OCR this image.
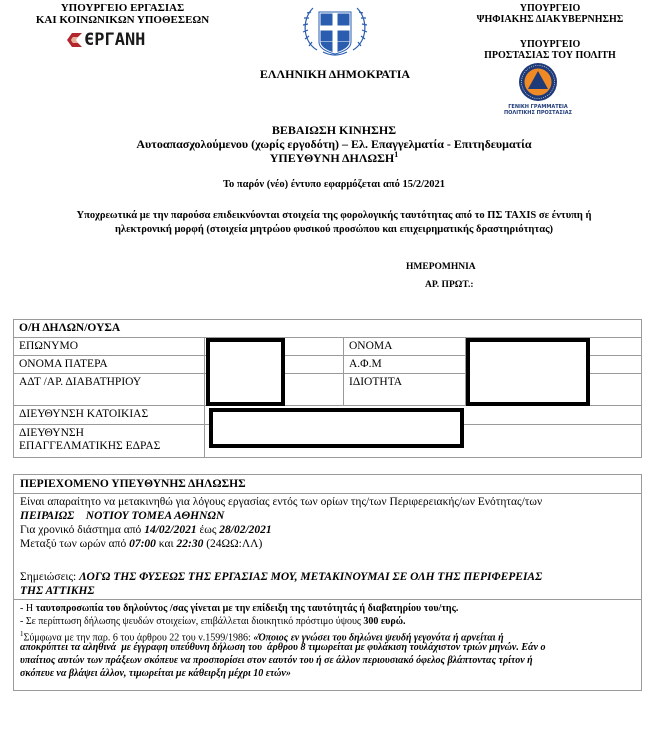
ΥΠΟΥΡΓΕΙΟ ΕΡΓΑΣΙΑΣ
ΚΑΙ ΚΟΙΝΩΝΙΚΩΝ ΥΠΟΘΕΣΕΩΝ
ЄΡΓΑΝΗ
ΕΛΛΗΝΙΚΗ ΔΗΜΟΚΡΑΤΙΑ
ΥΠΟΥΡΓΕΙΟ
ΨΗΦΙΑΚΗΣ ΔΙΑΚΥΒΕΡΝΗΣΗΣ
ΥΠΟΥΡΓΕΙΟ
ΠΡΟΣΤΑΣΙΑΣ ΤΟΥ ΠΟΛΙΤΗ
ΓΕΝΙΚΗ ΓΡΑΜΜΑΤΕΙΑ
ΠΟΛΙΤΙΚΗΣ ΠΡΟΣΤΑΣΙΑΣ
ΒΕΒΑΙΩΣΗ ΚΙΝΗΣΗΣ
Αυτοαπασχολούμενου (χωρίς εργοδότη) – Ελ. Επαγγελματία - Επιτηδευματία
ΥΠΕΥΘΥΝΗ ΔΗΛΩΣΗ$^1$
Το παρόν (νέο) έντυπο εφαρμόζεται από 15/2/2021
Υποχρεωτικά με την παρούσα επιδεικνύονται στοιχεία της φορολογικής ταυτότητας από το ΠΣ TAXIS σε έντυπη ή
ηλεκτρονική μορφή (στοιχεία μητρώου φυσικού προσώπου και επιχειρηματικής δραστηριότητας)
ΗΜΕΡΟΜΗΝΙΑ
ΑΡ. ΠΡΩΤ.:
Ο/Η ΔΗΛΩΝ/ΟΥΣΑ
ΕΠΩΝΥΜΟ
ΟΝΟΜΑ ΠΑΤΕΡΑ
ΑΔΤ /ΑΡ. ΔΙΑΒΑΤΗΡΙΟΥ
ΟΝΟΜΑ
Α.Φ.Μ
ΙΔΙΟΤΗΤΑ
ΔΙΕΥΘΥΝΣΗ ΚΑΤΟΙΚΙΑΣ
ΔΙΕΥΘΥΝΣΗ
ΕΠΑΓΓΕΛΜΑΤΙΚΗΣ ΕΔΡΑΣ
ΠΕΡΙΕΧΟΜΕΝΟ ΥΠΕΥΘΥΝΗΣ ΔΗΛΩΣΗΣ
Είναι απαραίτητο να μετακινηθώ για λόγους εργασίας εντός των ορίων της/των Περιφερειακής/ων Ενότητας/των
ΠΕΙΡΑΙΩΣ    ΝΟΤΙΟΥ ΤΟΜΕΑ ΑΘΗΝΩΝ
Για χρονικό διάστημα από 14/02/2021 έως 28/02/2021
Μεταξύ των ωρών από 07:00 και 22:30 (24ΩΩ:ΛΛ)
Σημειώσεις: ΛΟΓΩ ΤΗΣ ΦΥΣΕΩΣ ΤΗΣ ΕΡΓΑΣΙΑΣ ΜΟΥ, ΜΕΤΑΚΙΝΟΥΜΑΙ ΣΕ ΟΛΗ ΤΗΣ ΠΕΡΙΦΕΡΕΙΑΣ
ΤΗΣ ΑΤΤΙΚΗΣ
- Η ταυτοπροσωπία του δηλούντος /σας γίνεται με την επίδειξη της ταυτότητάς ή διαβατηρίου του/της.
- Σε περίπτωση δήλωσης ψευδών στοιχείων, επιβάλλεται διοικητικό πρόστιμο ύψους 300 ευρώ.
$^1$Σύμφωνα με την παρ. 6 του άρθρου 22 του ν.1599/1986: «Όποιος εν γνώσει του δηλώνει ψευδή γεγονότα ή αρνείται ή
αποκρύπτει τα αληθινά  με έγγραφη υπεύθυνη δήλωση του  άρθρου 8 τιμωρείται με φυλάκιση τουλάχιστον τριών μηνών. Εάν ο
υπαίτιος αυτών των πράξεων σκόπευε να προσπορίσει στον εαυτόν του ή σε άλλον περιουσιακό όφελος βλάπτοντας τρίτον ή
σκόπευε να βλάψει άλλον, τιμωρείται με κάθειρξη μέχρι 10 ετών»
